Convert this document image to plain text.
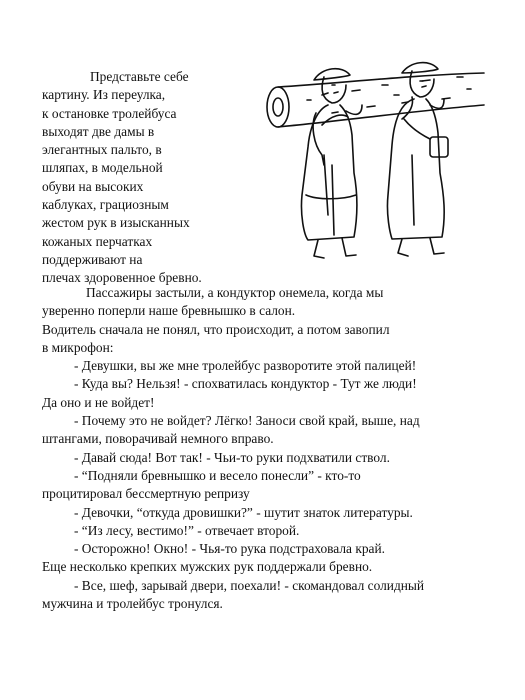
Представьте себе
картину. Из переулка,
к остановке тролейбуса
выходят две дамы в
элегантных пальто, в
шляпах, в модельной
обуви на высоких
каблуках, грациозным
жестом рук в изысканных
кожаных перчатках
поддерживают на
плечах здоровенное бревно.
Пассажиры застыли, а кондуктор онемела, когда мы
уверенно поперли наше бревнышко в салон.
Водитель сначала не понял, что происходит, а потом завопил
в микрофон:
- Девушки, вы же мне тролейбус разворотите этой палицей!
- Куда вы? Нельзя! - спохватилась кондуктор - Тут же люди!
Да оно и не войдет!
- Почему это не войдет? Лёгко! Заноси свой край, выше, над
штангами, поворачивай немного вправо.
- Давай сюда! Вот так! - Чьи-то руки подхватили ствол.
- “Подняли бревнышко и весело понесли” - кто-то
процитировал бессмертную репризу
- Девочки, “откуда дровишки?” - шутит знаток литературы.
- “Из лесу, вестимо!” - отвечает второй.
- Осторожно! Окно! - Чья-то рука подстраховала край.
Еще несколько крепких мужских рук поддержали бревно.
- Все, шеф, зарывай двери, поехали! - скомандовал солидный
мужчина и тролейбус тронулся.
